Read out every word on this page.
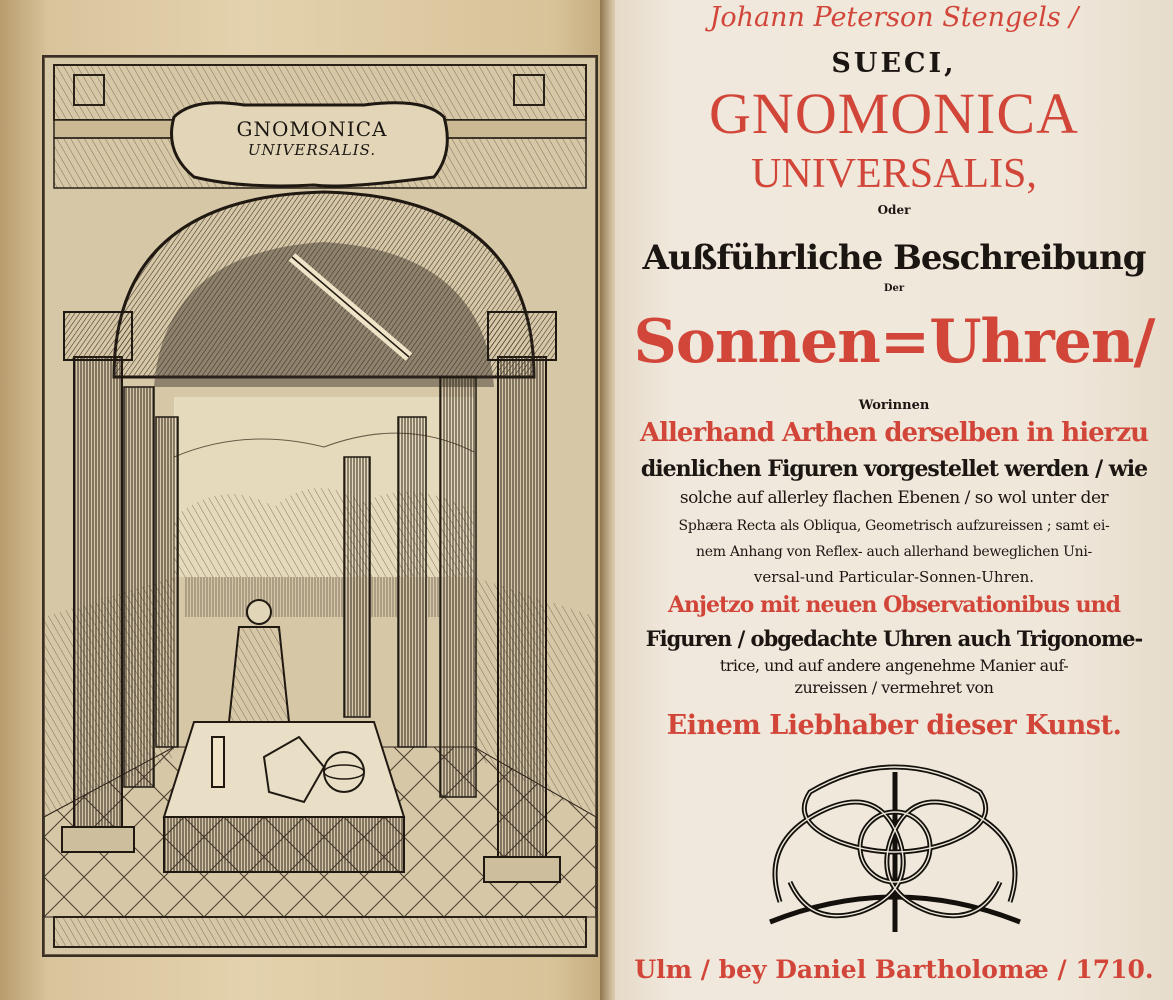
GNOMONICA
UNIVERSALIS.
Johann Peterson Stengels /
SUECI,
GNOMONICA
UNIVERSALIS,
Oder
Außführliche Beschreibung
Der
Sonnen=Uhren/
Worinnen
Allerhand Arthen derselben in hierzu
dienlichen Figuren vorgestellet werden / wie
solche auf allerley flachen Ebenen / so wol unter der
Sphæra Recta als Obliqua, Geometrisch aufzureissen ; samt ei-
nem Anhang von Reflex- auch allerhand beweglichen Uni-
versal-und Particular-Sonnen-Uhren.
Anjetzo mit neuen Observationibus und
Figuren / obgedachte Uhren auch Trigonome-
trice, und auf andere angenehme Manier auf-
zureissen / vermehret von
Einem Liebhaber dieser Kunst.
Ulm / bey Daniel Bartholomæ / 1710.
